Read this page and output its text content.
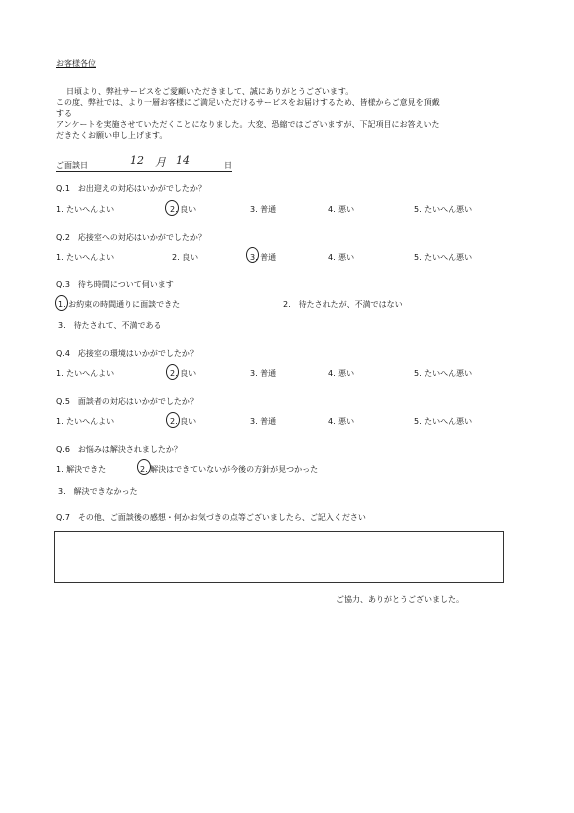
お客様各位
日頃より、弊社サービスをご愛顧いただきまして、誠にありがとうございます。
この度、弊社では、より一層お客様にご満足いただけるサービスをお届けするため、皆様からご意見を頂戴
する
アンケートを実施させていただくことになりました。大変、恐縮ではございますが、下記項目にお答えいた
だきたくお願い申し上げます。
ご面談日	12 月 14	日
Q.1　お出迎えの対応はいかがでしたか？
1. たいへんよい	2. 良い	3. 普通	4. 悪い	5. たいへん悪い
Q.2　応接室への対応はいかがでしたか？
1. たいへんよい	2. 良い	3. 普通	4. 悪い	5. たいへん悪い
Q.3　待ち時間について伺います
1. お約束の時間通りに面談できた	2.　待たされたが、不満ではない
3.　待たされて、不満である
Q.4　応接室の環境はいかがでしたか？
1. たいへんよい	2. 良い	3. 普通	4. 悪い	5. たいへん悪い
Q.5　面談者の対応はいかがでしたか？
1. たいへんよい	2. 良い	3. 普通	4. 悪い	5. たいへん悪い
Q.6　お悩みは解決されましたか？
1. 解決できた	2. 解決はできていないが今後の方針が見つかった
3.　解決できなかった
Q.7　その他、ご面談後の感想・何かお気づきの点等ございましたら、ご記入ください
ご協力、ありがとうございました。
